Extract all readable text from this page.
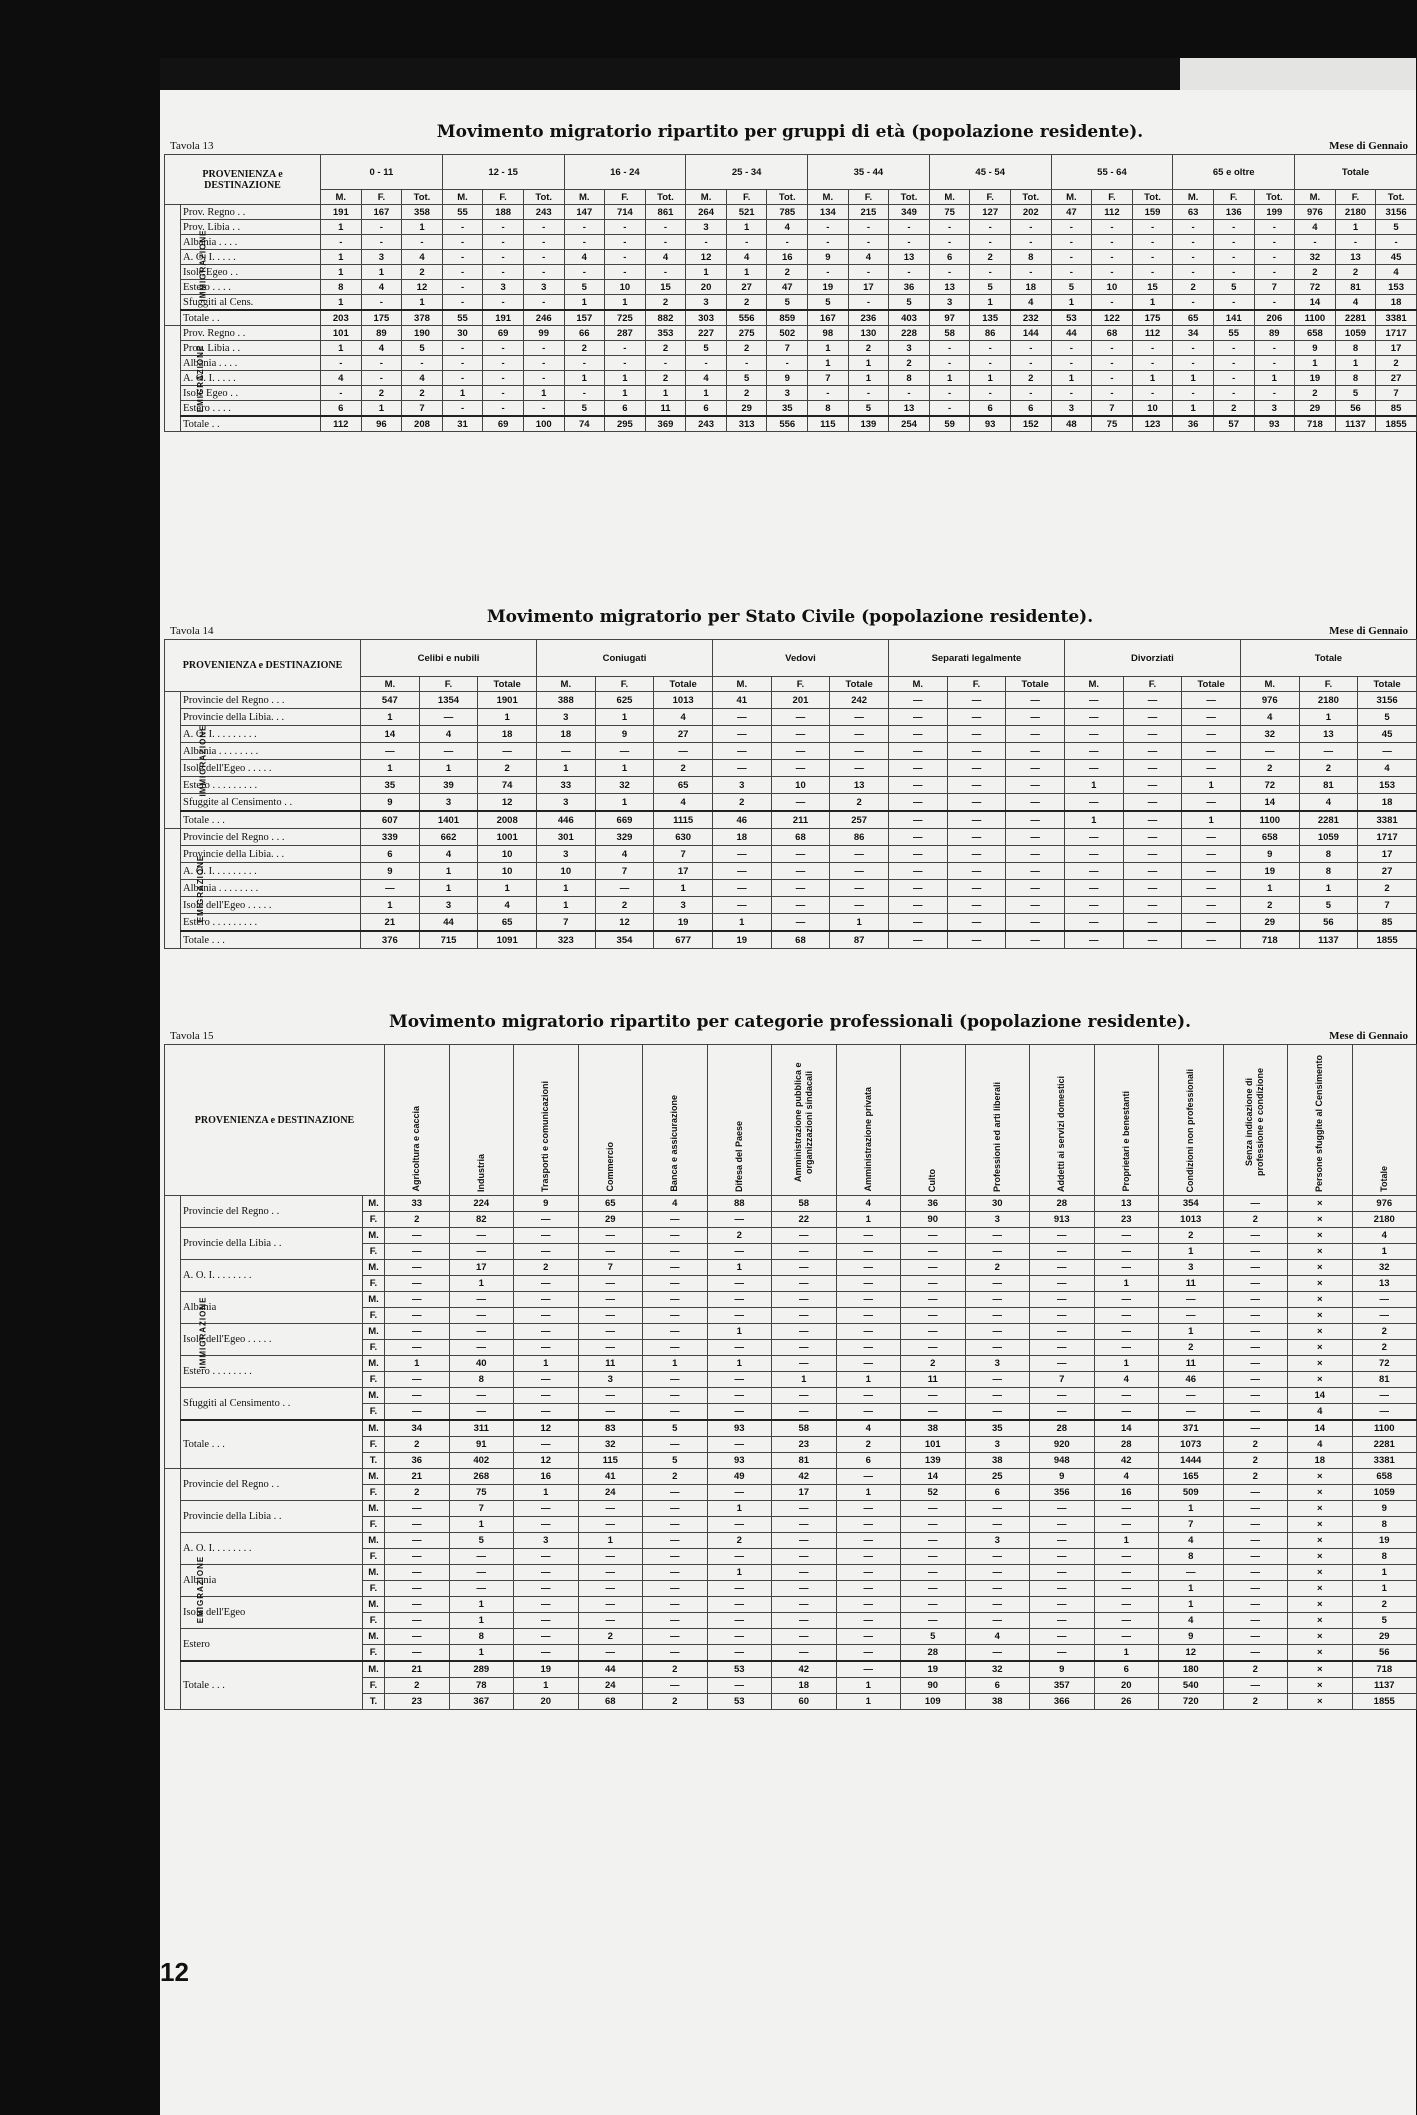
Tavola 13
Movimento migratorio ripartito per gruppi di età (popolazione residente).
Mese di Gennaio
PROVENIENZA e DESTINAZIONE		0 - 11			12 - 15			16 - 24			25 - 34			35 - 44			45 - 54			55 - 64			65 e oltre			Totale		
		M.	F.	Tot.	M.	F.	Tot.	M.	F.	Tot.	M.	F.	Tot.	M.	F.	Tot.	M.	F.	Tot.	M.	F.	Tot.	M.	F.	Tot.	M.	F.	Tot.
IMMIGRAZIONE	Prov. Regno . .	191	167	358	55	188	243	147	714	861	264	521	785	134	215	349	75	127	202	47	112	159	63	136	199	976	2180	3156
	Prov. Libia . .	1	-	1	-	-	-	-	-	-	3	1	4	-	-	-	-	-	-	-	-	-	-	-	-	4	1	5
	Albania . . . .	-	-	-	-	-	-	-	-	-	-	-	-	-	-	-	-	-	-	-	-	-	-	-	-	-	-	-
	A. O. I. . . . .	1	3	4	-	-	-	4	-	4	12	4	16	9	4	13	6	2	8	-	-	-	-	-	-	32	13	45
	Isole Egeo . .	1	1	2	-	-	-	-	-	-	1	1	2	-	-	-	-	-	-	-	-	-	-	-	-	2	2	4
	Estero . . . .	8	4	12	-	3	3	5	10	15	20	27	47	19	17	36	13	5	18	5	10	15	2	5	7	72	81	153
	Sfuggiti al Cens.	1	-	1	-	-	-	1	1	2	3	2	5	5	-	5	3	1	4	1	-	1	-	-	-	14	4	18
	Totale . .	203	175	378	55	191	246	157	725	882	303	556	859	167	236	403	97	135	232	53	122	175	65	141	206	1100	2281	3381
EMIGRAZIONE	Prov. Regno . .	101	89	190	30	69	99	66	287	353	227	275	502	98	130	228	58	86	144	44	68	112	34	55	89	658	1059	1717
	Prov. Libia . .	1	4	5	-	-	-	2	-	2	5	2	7	1	2	3	-	-	-	-	-	-	-	-	-	9	8	17
	Albania . . . .	-	-	-	-	-	-	-	-	-	-	-	-	1	1	2	-	-	-	-	-	-	-	-	-	1	1	2
	A. O. I. . . . .	4	-	4	-	-	-	1	1	2	4	5	9	7	1	8	1	1	2	1	-	1	1	-	1	19	8	27
	Isole Egeo . .	-	2	2	1	-	1	-	1	1	1	2	3	-	-	-	-	-	-	-	-	-	-	-	-	2	5	7
	Estero . . . .	6	1	7	-	-	-	5	6	11	6	29	35	8	5	13	-	6	6	3	7	10	1	2	3	29	56	85
	Totale . .	112	96	208	31	69	100	74	295	369	243	313	556	115	139	254	59	93	152	48	75	123	36	57	93	718	1137	1855
Tavola 14
Movimento migratorio per Stato Civile (popolazione residente).
Mese di Gennaio
PROVENIENZA e DESTINAZIONE		Celibi e nubili			Coniugati			Vedovi			Separati legalmente			Divorziati			Totale		
		M.	F.	Totale	M.	F.	Totale	M.	F.	Totale	M.	F.	Totale	M.	F.	Totale	M.	F.	Totale
IMMIGRAZIONE	Provincie del Regno . . .	547	1354	1901	388	625	1013	41	201	242	—	—	—	—	—	—	976	2180	3156
	Provincie della Libia. . .	1	—	1	3	1	4	—	—	—	—	—	—	—	—	—	4	1	5
	A. O. I. . . . . . . . .	14	4	18	18	9	27	—	—	—	—	—	—	—	—	—	32	13	45
	Albania . . . . . . . .	—	—	—	—	—	—	—	—	—	—	—	—	—	—	—	—	—	—
	Isole dell'Egeo . . . . .	1	1	2	1	1	2	—	—	—	—	—	—	—	—	—	2	2	4
	Estero . . . . . . . . .	35	39	74	33	32	65	3	10	13	—	—	—	1	—	1	72	81	153
	Sfuggite al Censimento . .	9	3	12	3	1	4	2	—	2	—	—	—	—	—	—	14	4	18
	Totale . . .	607	1401	2008	446	669	1115	46	211	257	—	—	—	1	—	1	1100	2281	3381
EMIGRAZIONE	Provincie del Regno . . .	339	662	1001	301	329	630	18	68	86	—	—	—	—	—	—	658	1059	1717
	Provincie della Libia. . .	6	4	10	3	4	7	—	—	—	—	—	—	—	—	—	9	8	17
	A. O. I. . . . . . . . .	9	1	10	10	7	17	—	—	—	—	—	—	—	—	—	19	8	27
	Albania . . . . . . . .	—	1	1	1	—	1	—	—	—	—	—	—	—	—	—	1	1	2
	Isole dell'Egeo . . . . .	1	3	4	1	2	3	—	—	—	—	—	—	—	—	—	2	5	7
	Estero . . . . . . . . .	21	44	65	7	12	19	1	—	1	—	—	—	—	—	—	29	56	85
	Totale . . .	376	715	1091	323	354	677	19	68	87	—	—	—	—	—	—	718	1137	1855
Tavola 15
Movimento migratorio ripartito per categorie professionali (popolazione residente).
Mese di Gennaio
PROVENIENZA e DESTINAZIONE			Agricoltura e caccia	Industria	Trasporti e comunicazioni	Commercio	Banca e assicurazione	Difesa del Paese	Amministrazione pubblica e organizzazioni sindacali	Amministrazione privata	Culto	Professioni ed arti liberali	Addetti ai servizi domestici	Proprietari e benestanti	Condizioni non professionali	Senza indicazione di professione e condizione	Persone sfuggite al Censimento	Totale
IMMIGRAZIONE	Provincie del Regno . .	M.	33	224	9	65	4	88	58	4	36	30	28	13	354	—	×	976
		F.	2	82	—	29	—	—	22	1	90	3	913	23	1013	2	×	2180
	Provincie della Libia . .	M.	—	—	—	—	—	2	—	—	—	—	—	—	2	—	×	4
		F.	—	—	—	—	—	—	—	—	—	—	—	—	1	—	×	1
	A. O. I. . . . . . . .	M.	—	17	2	7	—	1	—	—	—	2	—	—	3	—	×	32
		F.	—	1	—	—	—	—	—	—	—	—	—	1	11	—	×	13
	Albania	M.	—	—	—	—	—	—	—	—	—	—	—	—	—	—	×	—
		F.	—	—	—	—	—	—	—	—	—	—	—	—	—	—	×	—
	Isole dell'Egeo . . . . .	M.	—	—	—	—	—	1	—	—	—	—	—	—	1	—	×	2
		F.	—	—	—	—	—	—	—	—	—	—	—	—	2	—	×	2
	Estero . . . . . . . .	M.	1	40	1	11	1	1	—	—	2	3	—	1	11	—	×	72
		F.	—	8	—	3	—	—	1	1	11	—	7	4	46	—	×	81
	Sfuggiti al Censimento . .	M.	—	—	—	—	—	—	—	—	—	—	—	—	—	—	14	—
		F.	—	—	—	—	—	—	—	—	—	—	—	—	—	—	4	—
	Totale . . .	M.	34	311	12	83	5	93	58	4	38	35	28	14	371	—	14	1100
		F.	2	91	—	32	—	—	23	2	101	3	920	28	1073	2	4	2281
		T.	36	402	12	115	5	93	81	6	139	38	948	42	1444	2	18	3381
EMIGRAZIONE	Provincie del Regno . .	M.	21	268	16	41	2	49	42	—	14	25	9	4	165	2	×	658
		F.	2	75	1	24	—	—	17	1	52	6	356	16	509	—	×	1059
	Provincie della Libia . .	M.	—	7	—	—	—	1	—	—	—	—	—	—	1	—	×	9
		F.	—	1	—	—	—	—	—	—	—	—	—	—	7	—	×	8
	A. O. I. . . . . . . .	M.	—	5	3	1	—	2	—	—	—	3	—	1	4	—	×	19
		F.	—	—	—	—	—	—	—	—	—	—	—	—	8	—	×	8
	Albania	M.	—	—	—	—	—	1	—	—	—	—	—	—	—	—	×	1
		F.	—	—	—	—	—	—	—	—	—	—	—	—	1	—	×	1
	Isole dell'Egeo	M.	—	1	—	—	—	—	—	—	—	—	—	—	1	—	×	2
		F.	—	1	—	—	—	—	—	—	—	—	—	—	4	—	×	5
	Estero	M.	—	8	—	2	—	—	—	—	5	4	—	—	9	—	×	29
		F.	—	1	—	—	—	—	—	—	28	—	—	1	12	—	×	56
	Totale . . .	M.	21	289	19	44	2	53	42	—	19	32	9	6	180	2	×	718
		F.	2	78	1	24	—	—	18	1	90	6	357	20	540	—	×	1137
		T.	23	367	20	68	2	53	60	1	109	38	366	26	720	2	×	1855
12
